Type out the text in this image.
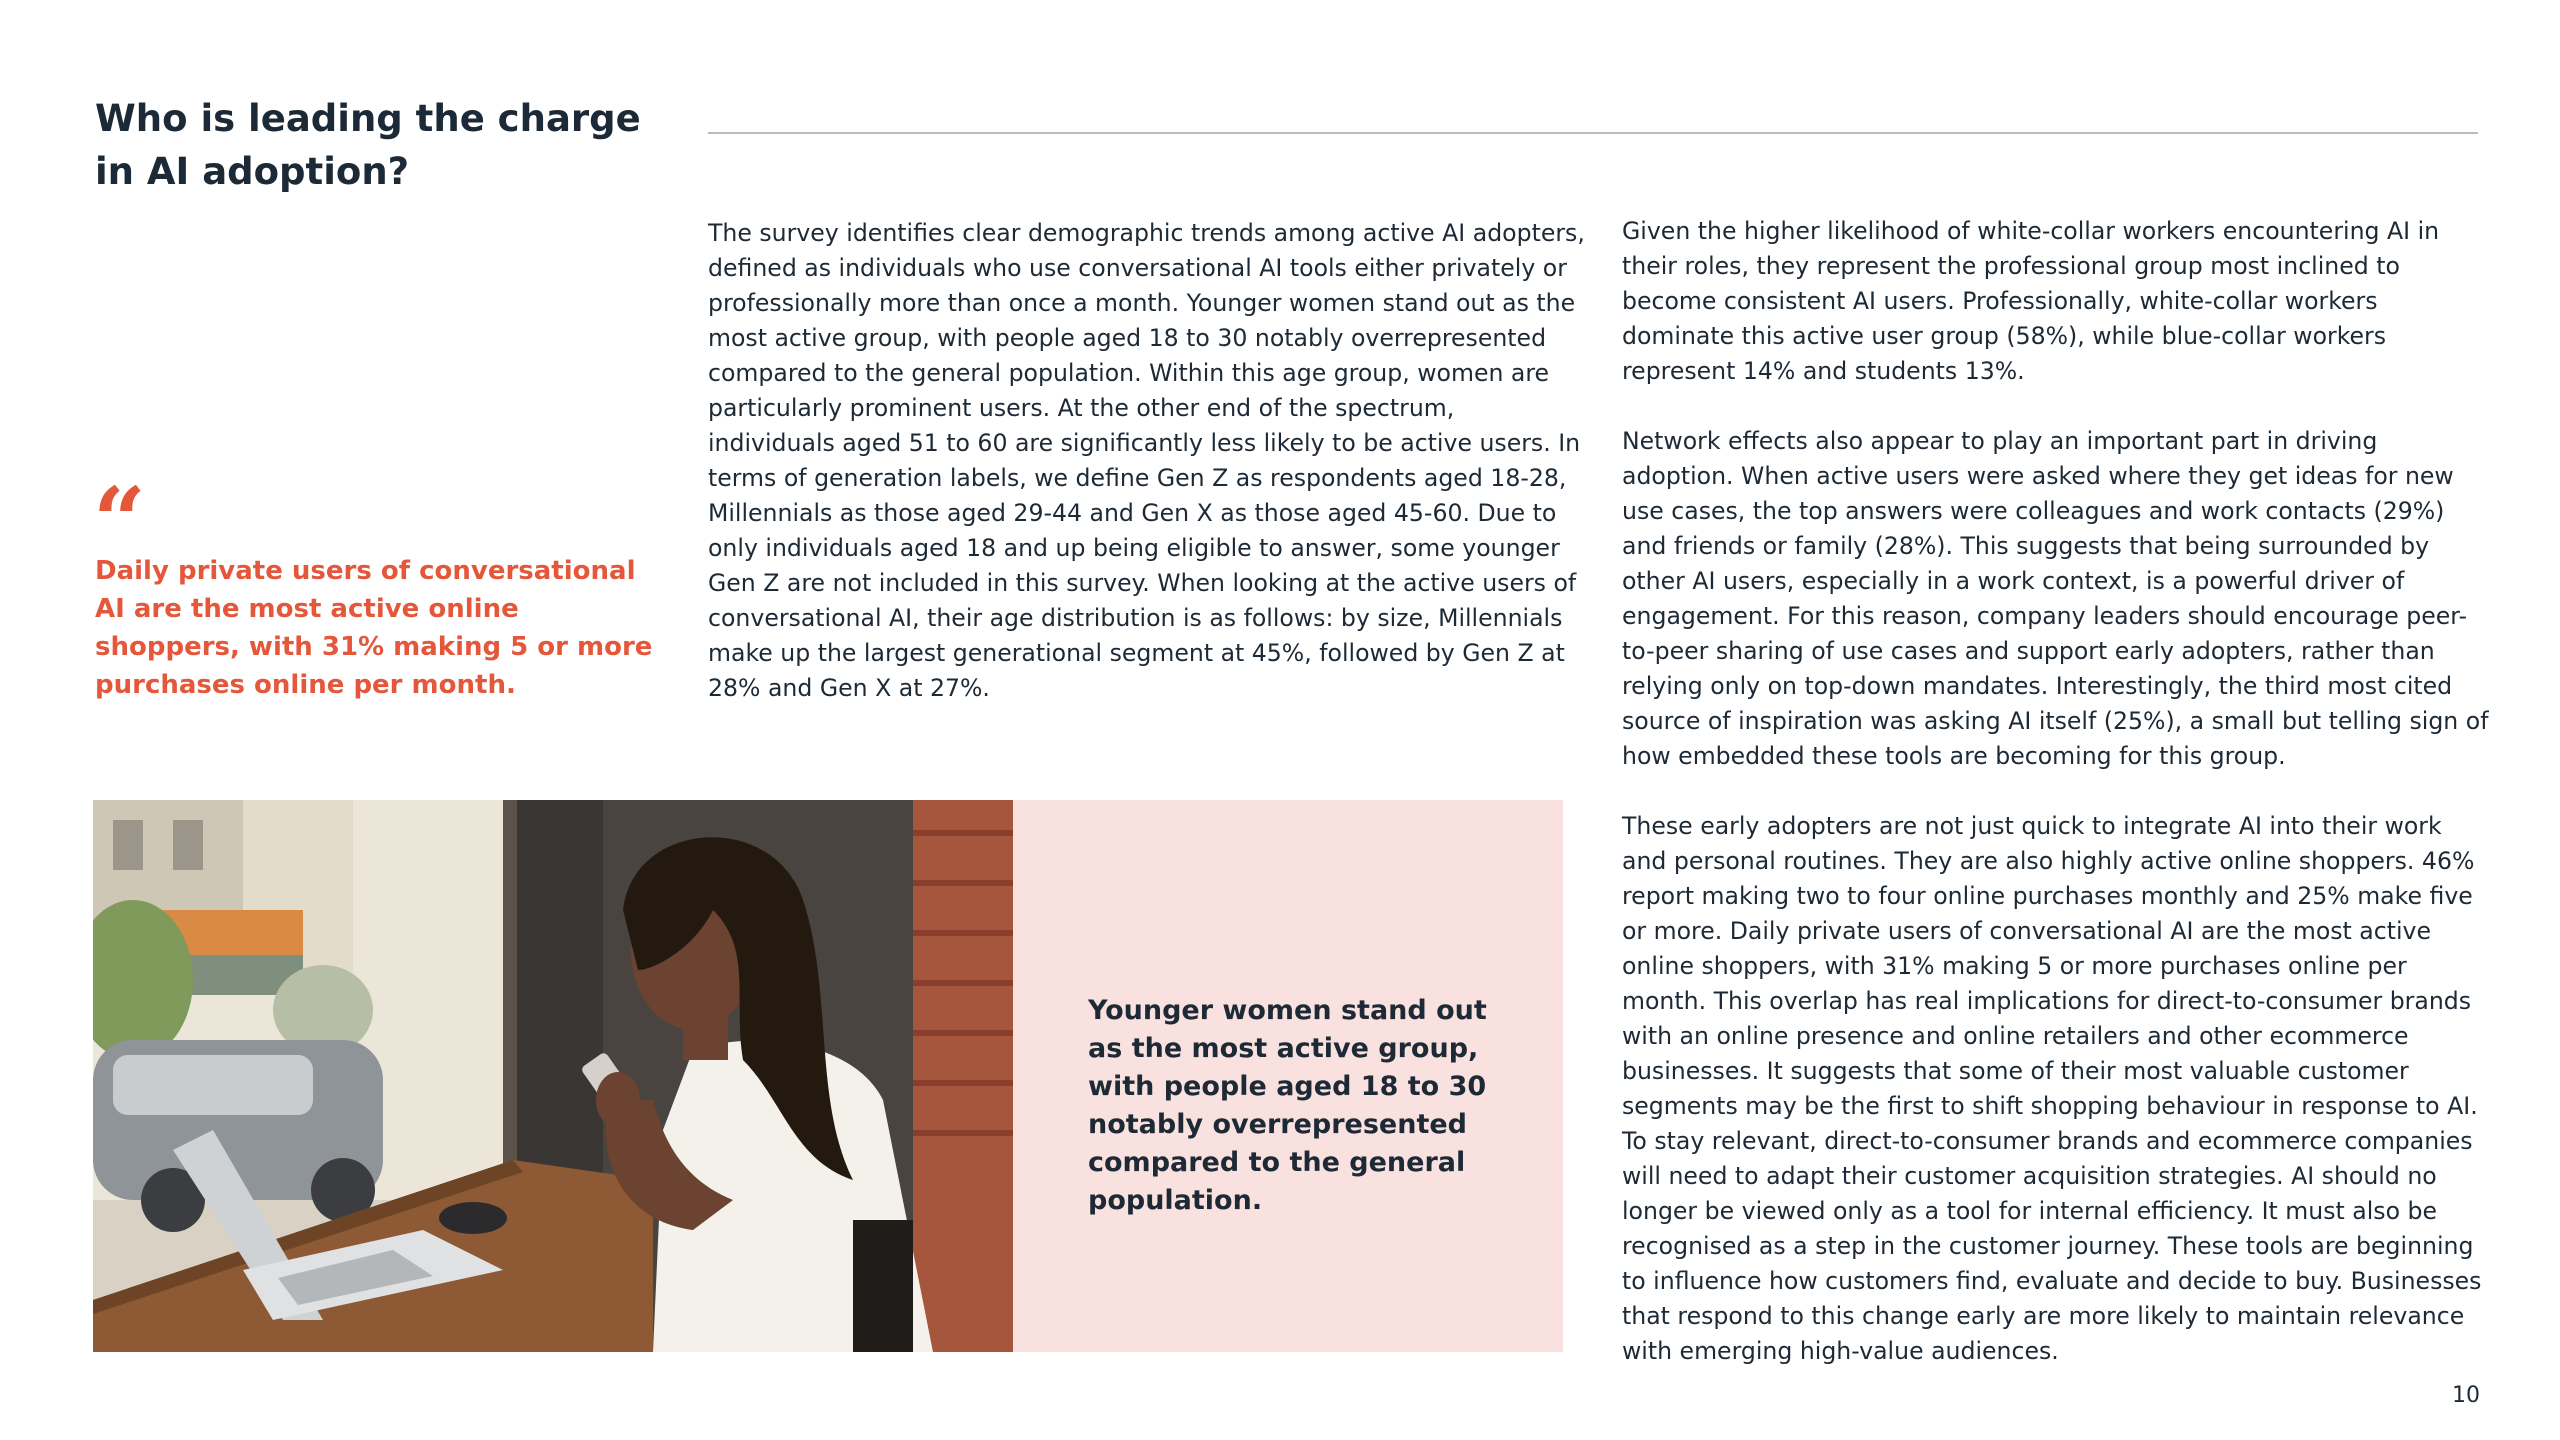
Who is leading the charge in AI adoption?
“

Daily private users of conversational AI are the most active online shoppers, with 31% making 5 or more purchases online per month.

The survey identifies clear demographic trends among active AI adopters, defined as individuals who use conversational AI tools either privately or professionally more than once a month. Younger women stand out as the most active group, with people aged 18 to 30 notably overrepresented compared to the general population. Within this age group, women are particularly prominent users. At the other end of the spectrum, individuals aged 51 to 60 are significantly less likely to be active users. In terms of generation labels, we define Gen Z as respondents aged 18-28, Millennials as those aged 29-44 and Gen X as those aged 45-60. Due to only individuals aged 18 and up being eligible to answer, some younger Gen Z are not included in this survey. When looking at the active users of conversational AI, their age distribution is as follows: by size, Millennials make up the largest generational segment at 45%, followed by Gen Z at 28% and Gen X at 27%.

Given the higher likelihood of white-collar workers encountering AI in their roles, they represent the professional group most inclined to become consistent AI users. Professionally, white-collar workers dominate this active user group (58%), while blue-collar workers represent 14% and students 13%.

Network effects also appear to play an important part in driving adoption. When active users were asked where they get ideas for new use cases, the top answers were colleagues and work contacts (29%) and friends or family (28%). This suggests that being surrounded by other AI users, especially in a work context, is a powerful driver of engagement. For this reason, company leaders should encourage peer-to-peer sharing of use cases and support early adopters, rather than relying only on top-down mandates. Interestingly, the third most cited source of inspiration was asking AI itself (25%), a small but telling sign of how embedded these tools are becoming for this group.

These early adopters are not just quick to integrate AI into their work and personal routines. They are also highly active online shoppers. 46% report making two to four online purchases monthly and 25% make five or more. Daily private users of conversational AI are the most active online shoppers, with 31% making 5 or more purchases online per month. This overlap has real implications for direct-to-consumer brands with an online presence and online retailers and other ecommerce businesses. It suggests that some of their most valuable customer segments may be the first to shift shopping behaviour in response to AI. To stay relevant, direct-to-consumer brands and ecommerce companies will need to adapt their customer acquisition strategies. AI should no longer be viewed only as a tool for internal efficiency. It must also be recognised as a step in the customer journey. These tools are beginning to influence how customers find, evaluate and decide to buy. Businesses that respond to this change early are more likely to maintain relevance with emerging high-value audiences.

Younger women stand out as the most active group, with people aged 18 to 30 notably overrepresented compared to the general population.

10
